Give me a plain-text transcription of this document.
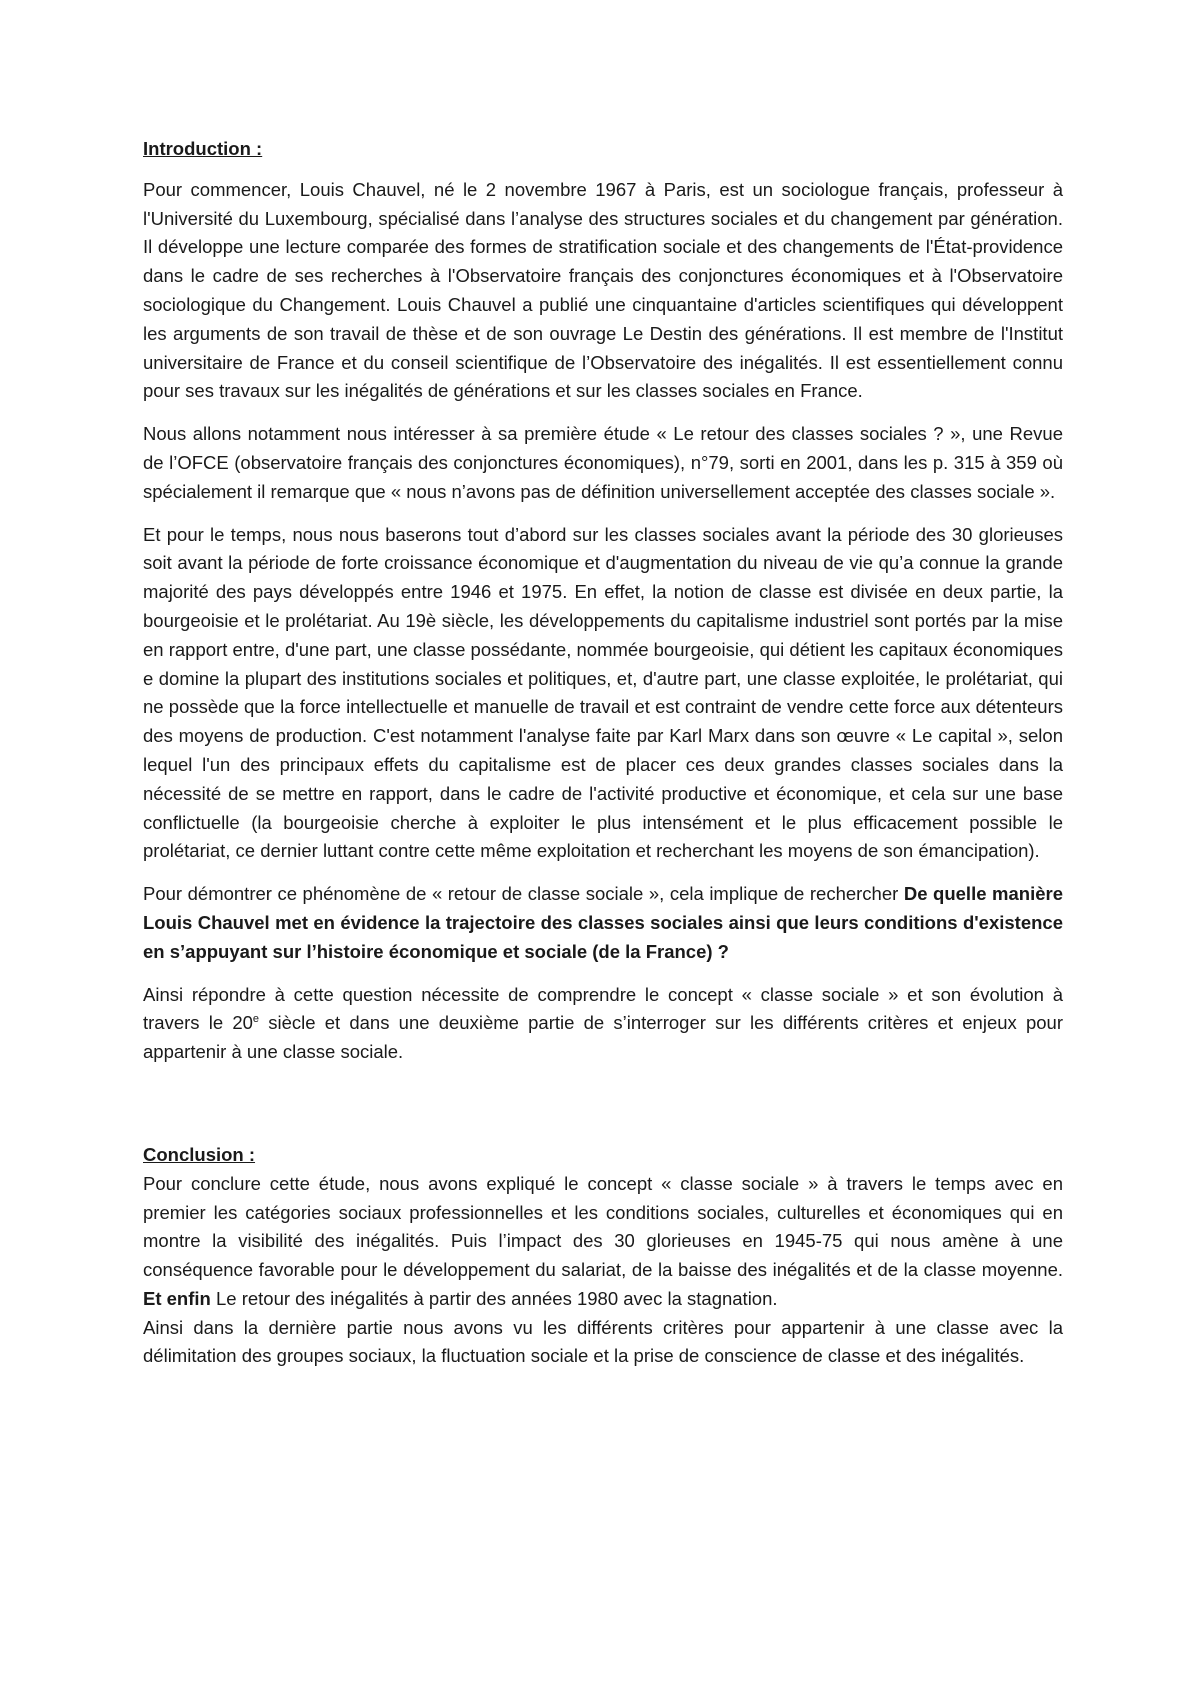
Introduction :

Pour commencer, Louis Chauvel, né le 2 novembre 1967 à Paris, est un sociologue français, professeur à l'Université du Luxembourg, spécialisé dans l’analyse des structures sociales et du changement par génération. Il développe une lecture comparée des formes de stratification sociale et des changements de l'État-providence dans le cadre de ses recherches à l'Observatoire français des conjonctures économiques et à l'Observatoire sociologique du Changement. Louis Chauvel a publié une cinquantaine d'articles scientifiques qui développent les arguments de son travail de thèse et de son ouvrage Le Destin des générations. Il est membre de l'Institut universitaire de France et du conseil scientifique de l’Observatoire des inégalités. Il est essentiellement connu pour ses travaux sur les inégalités de générations et sur les classes sociales en France.

Nous allons notamment nous intéresser à sa première étude « Le retour des classes sociales ? », une Revue de l’OFCE (observatoire français des conjonctures économiques), n°79, sorti en 2001, dans les p. 315 à 359 où spécialement il remarque que « nous n’avons pas de définition universellement acceptée des classes sociale ».

Et pour le temps, nous nous baserons tout d’abord sur les classes sociales avant la période des 30 glorieuses soit avant la période de forte croissance économique et d'augmentation du niveau de vie qu’a connue la grande majorité des pays développés entre 1946 et 1975. En effet, la notion de classe est divisée en deux partie, la bourgeoisie et le prolétariat. Au 19è siècle, les développements du capitalisme industriel sont portés par la mise en rapport entre, d'une part, une classe possédante, nommée bourgeoisie, qui détient les capitaux économiques e domine la plupart des institutions sociales et politiques, et, d'autre part, une classe exploitée, le prolétariat, qui ne possède que la force intellectuelle et manuelle de travail et est contraint de vendre cette force aux détenteurs des moyens de production. C'est notamment l'analyse faite par Karl Marx dans son œuvre « Le capital », selon lequel l'un des principaux effets du capitalisme est de placer ces deux grandes classes sociales dans la nécessité de se mettre en rapport, dans le cadre de l'activité productive et économique, et cela sur une base conflictuelle (la bourgeoisie cherche à exploiter le plus intensément et le plus efficacement possible le prolétariat, ce dernier luttant contre cette même exploitation et recherchant les moyens de son émancipation).

Pour démontrer ce phénomène de « retour de classe sociale », cela implique de rechercher De quelle manière Louis Chauvel met en évidence la trajectoire des classes sociales ainsi que leurs conditions d'existence en s’appuyant sur l’histoire économique et sociale (de la France) ?

Ainsi répondre à cette question nécessite de comprendre le concept « classe sociale » et son évolution à travers le 20e siècle et dans une deuxième partie de s’interroger sur les différents critères et enjeux pour appartenir à une classe sociale.

Conclusion :

Pour conclure cette étude, nous avons expliqué le concept « classe sociale » à travers le temps avec en premier les catégories sociaux professionnelles et les conditions sociales, culturelles et économiques qui en montre la visibilité des inégalités. Puis l’impact des 30 glorieuses en 1945-75 qui nous amène à une conséquence favorable pour le développement du salariat, de la baisse des inégalités et de la classe moyenne. Et enfin Le retour des inégalités à partir des années 1980 avec la stagnation.

Ainsi dans la dernière partie nous avons vu les différents critères pour appartenir à une classe avec la délimitation des groupes sociaux, la fluctuation sociale et la prise de conscience de classe et des inégalités.
